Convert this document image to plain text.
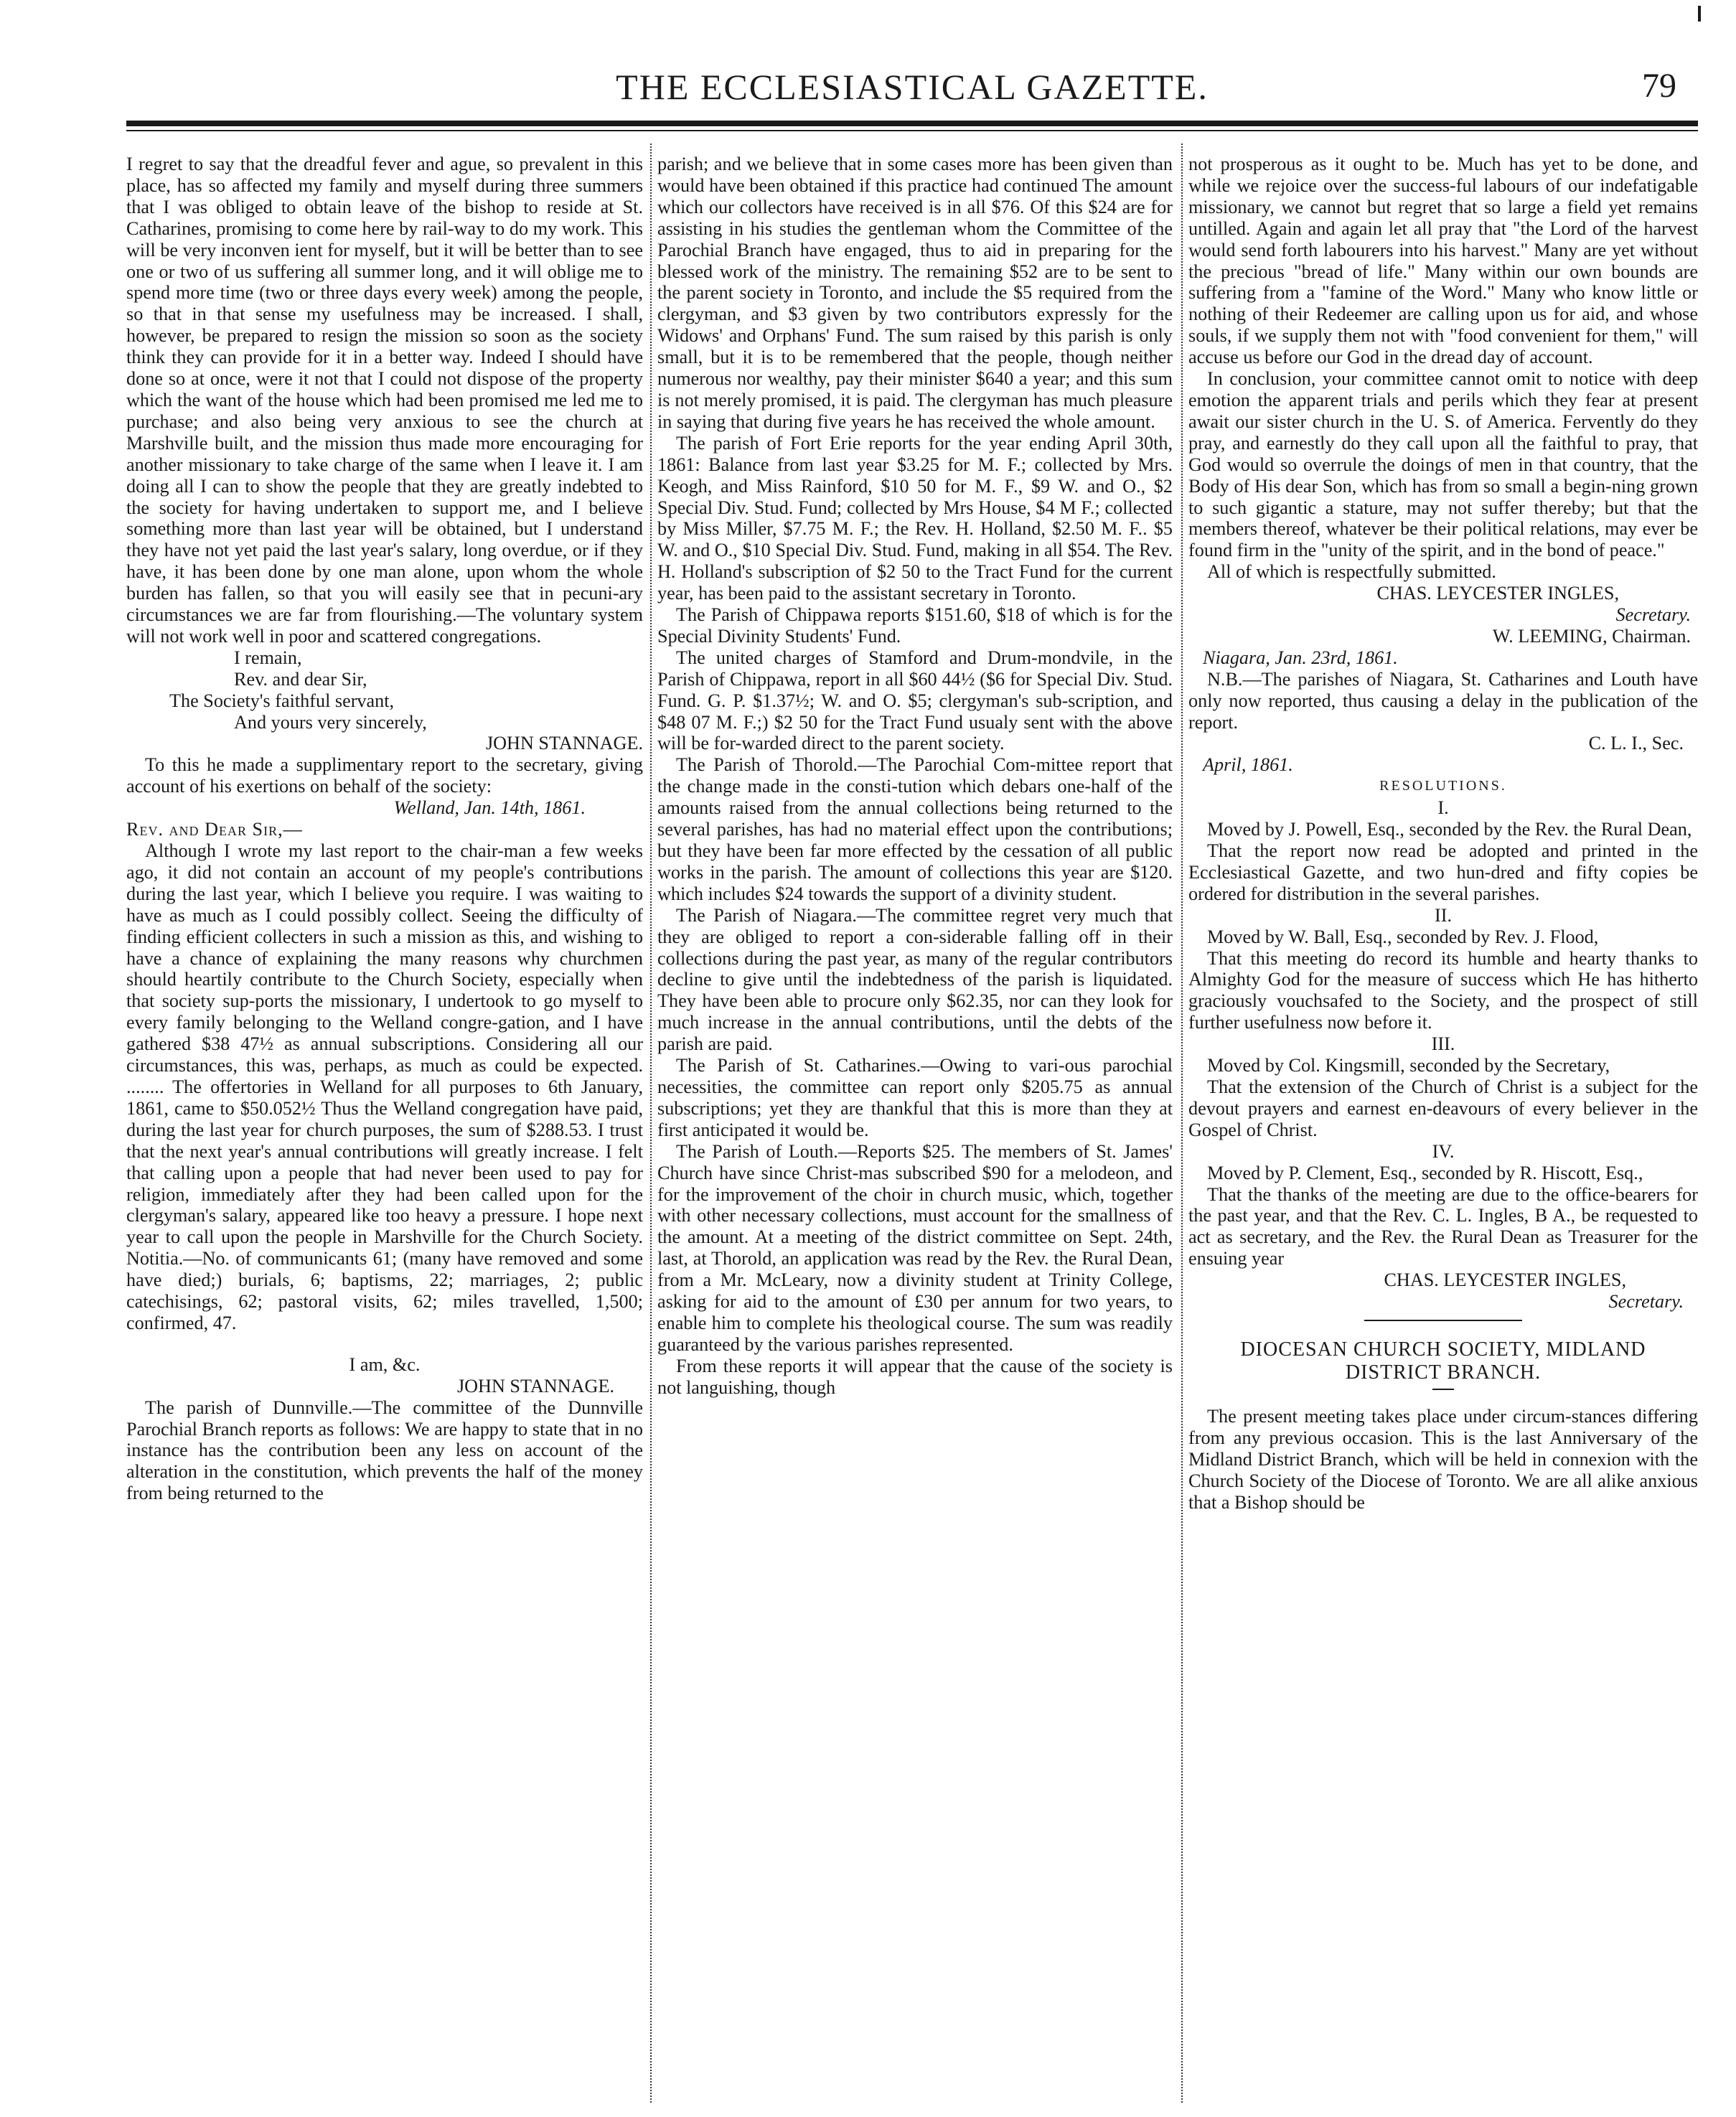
THE ECCLESIASTICAL GAZETTE.	79

I regret to say that the dreadful fever and ague, so prevalent in this place, has so affected my family and myself during three summers that I was obliged to obtain leave of the bishop to reside at St. Catharines, promising to come here by rail-way to do my work. This will be very inconven ient for myself, but it will be better than to see one or two of us suffering all summer long, and it will oblige me to spend more time (two or three days every week) among the people, so that in that sense my usefulness may be increased. I shall, however, be prepared to resign the mission so soon as the society think they can provide for it in a better way. Indeed I should have done so at once, were it not that I could not dispose of the property which the want of the house which had been promised me led me to purchase; and also being very anxious to see the church at Marshville built, and the mission thus made more encouraging for another missionary to take charge of the same when I leave it. I am doing all I can to show the people that they are greatly indebted to the society for having undertaken to support me, and I believe something more than last year will be obtained, but I understand they have not yet paid the last year's salary, long overdue, or if they have, it has been done by one man alone, upon whom the whole burden has fallen, so that you will easily see that in pecuni-ary circumstances we are far from flourishing.—The voluntary system will not work well in poor and scattered congregations.

I remain,

Rev. and dear Sir,

The Society's faithful servant,

And yours very sincerely,

JOHN STANNAGE.

To this he made a supplimentary report to the secretary, giving account of his exertions on behalf of the society:

Welland, Jan. 14th, 1861.

Rev. and Dear Sir,—

Although I wrote my last report to the chair-man a few weeks ago, it did not contain an account of my people's contributions during the last year, which I believe you require. I was waiting to have as much as I could possibly collect. Seeing the difficulty of finding efficient collecters in such a mission as this, and wishing to have a chance of explaining the many reasons why churchmen should heartily contribute to the Church Society, especially when that society sup-ports the missionary, I undertook to go myself to every family belonging to the Welland congre-gation, and I have gathered $38 47½ as annual subscriptions. Considering all our circumstances, this was, perhaps, as much as could be expected. ........ The offertories in Welland for all purposes to 6th January, 1861, came to $50.052½ Thus the Welland congregation have paid, during the last year for church purposes, the sum of $288.53. I trust that the next year's annual contributions will greatly increase. I felt that calling upon a people that had never been used to pay for religion, immediately after they had been called upon for the clergyman's salary, appeared like too heavy a pressure. I hope next year to call upon the people in Marshville for the Church Society. Notitia.—No. of communicants 61; (many have removed and some have died;) burials, 6; baptisms, 22; marriages, 2; public catechisings, 62; pastoral visits, 62; miles travelled, 1,500; confirmed, 47.

I am, &c.

JOHN STANNAGE.

The parish of Dunnville.—The committee of the Dunnville Parochial Branch reports as follows: We are happy to state that in no instance has the contribution been any less on account of the alteration in the constitution, which prevents the half of the money from being returned to the

parish; and we believe that in some cases more has been given than would have been obtained if this practice had continued The amount which our collectors have received is in all $76. Of this $24 are for assisting in his studies the gentleman whom the Committee of the Parochial Branch have engaged, thus to aid in preparing for the blessed work of the ministry. The remaining $52 are to be sent to the parent society in Toronto, and include the $5 required from the clergyman, and $3 given by two contributors expressly for the Widows' and Orphans' Fund. The sum raised by this parish is only small, but it is to be remembered that the people, though neither numerous nor wealthy, pay their minister $640 a year; and this sum is not merely promised, it is paid. The clergyman has much pleasure in saying that during five years he has received the whole amount.

The parish of Fort Erie reports for the year ending April 30th, 1861: Balance from last year $3.25 for M. F.; collected by Mrs. Keogh, and Miss Rainford, $10 50 for M. F., $9 W. and O., $2 Special Div. Stud. Fund; collected by Mrs House, $4 M F.; collected by Miss Miller, $7.75 M. F.; the Rev. H. Holland, $2.50 M. F.. $5 W. and O., $10 Special Div. Stud. Fund, making in all $54. The Rev. H. Holland's subscription of $2 50 to the Tract Fund for the current year, has been paid to the assistant secretary in Toronto.

The Parish of Chippawa reports $151.60, $18 of which is for the Special Divinity Students' Fund.

The united charges of Stamford and Drum-mondvile, in the Parish of Chippawa, report in all $60 44½ ($6 for Special Div. Stud. Fund. G. P. $1.37½; W. and O. $5; clergyman's sub-scription, and $48 07 M. F.;) $2 50 for the Tract Fund usualy sent with the above will be for-warded direct to the parent society.

The Parish of Thorold.—The Parochial Com-mittee report that the change made in the consti-tution which debars one-half of the amounts raised from the annual collections being returned to the several parishes, has had no material effect upon the contributions; but they have been far more effected by the cessation of all public works in the parish. The amount of collections this year are $120. which includes $24 towards the support of a divinity student.

The Parish of Niagara.—The committee regret very much that they are obliged to report a con-siderable falling off in their collections during the past year, as many of the regular contributors decline to give until the indebtedness of the parish is liquidated. They have been able to procure only $62.35, nor can they look for much increase in the annual contributions, until the debts of the parish are paid.

The Parish of St. Catharines.—Owing to vari-ous parochial necessities, the committee can report only $205.75 as annual subscriptions; yet they are thankful that this is more than they at first anticipated it would be.

The Parish of Louth.—Reports $25. The members of St. James' Church have since Christ-mas subscribed $90 for a melodeon, and for the improvement of the choir in church music, which, together with other necessary collections, must account for the smallness of the amount. At a meeting of the district committee on Sept. 24th, last, at Thorold, an application was read by the Rev. the Rural Dean, from a Mr. McLeary, now a divinity student at Trinity College, asking for aid to the amount of £30 per annum for two years, to enable him to complete his theological course. The sum was readily guaranteed by the various parishes represented.

From these reports it will appear that the cause of the society is not languishing, though

not prosperous as it ought to be. Much has yet to be done, and while we rejoice over the success-ful labours of our indefatigable missionary, we cannot but regret that so large a field yet remains untilled. Again and again let all pray that "the Lord of the harvest would send forth labourers into his harvest." Many are yet without the precious "bread of life." Many within our own bounds are suffering from a "famine of the Word." Many who know little or nothing of their Redeemer are calling upon us for aid, and whose souls, if we supply them not with "food convenient for them," will accuse us before our God in the dread day of account.

In conclusion, your committee cannot omit to notice with deep emotion the apparent trials and perils which they fear at present await our sister church in the U. S. of America. Fervently do they pray, and earnestly do they call upon all the faithful to pray, that God would so overrule the doings of men in that country, that the Body of His dear Son, which has from so small a begin-ning grown to such gigantic a stature, may not suffer thereby; but that the members thereof, whatever be their political relations, may ever be found firm in the "unity of the spirit, and in the bond of peace."

All of which is respectfully submitted.

CHAS. LEYCESTER INGLES,

Secretary.

W. LEEMING, Chairman.

Niagara, Jan. 23rd, 1861.

N.B.—The parishes of Niagara, St. Catharines and Louth have only now reported, thus causing a delay in the publication of the report.

C. L. I., Sec.

April, 1861.

RESOLUTIONS.

I.

Moved by J. Powell, Esq., seconded by the Rev. the Rural Dean,

That the report now read be adopted and printed in the Ecclesiastical Gazette, and two hun-dred and fifty copies be ordered for distribution in the several parishes.

II.

Moved by W. Ball, Esq., seconded by Rev. J. Flood,

That this meeting do record its humble and hearty thanks to Almighty God for the measure of success which He has hitherto graciously vouchsafed to the Society, and the prospect of still further usefulness now before it.

III.

Moved by Col. Kingsmill, seconded by the Secretary,

That the extension of the Church of Christ is a subject for the devout prayers and earnest en-deavours of every believer in the Gospel of Christ.

IV.

Moved by P. Clement, Esq., seconded by R. Hiscott, Esq.,

That the thanks of the meeting are due to the office-bearers for the past year, and that the Rev. C. L. Ingles, B A., be requested to act as secretary, and the Rev. the Rural Dean as Treasurer for the ensuing year

CHAS. LEYCESTER INGLES,

Secretary.

DIOCESAN CHURCH SOCIETY, MIDLAND

DISTRICT BRANCH.

The present meeting takes place under circum-stances differing from any previous occasion. This is the last Anniversary of the Midland District Branch, which will be held in connexion with the Church Society of the Diocese of Toronto. We are all alike anxious that a Bishop should be
